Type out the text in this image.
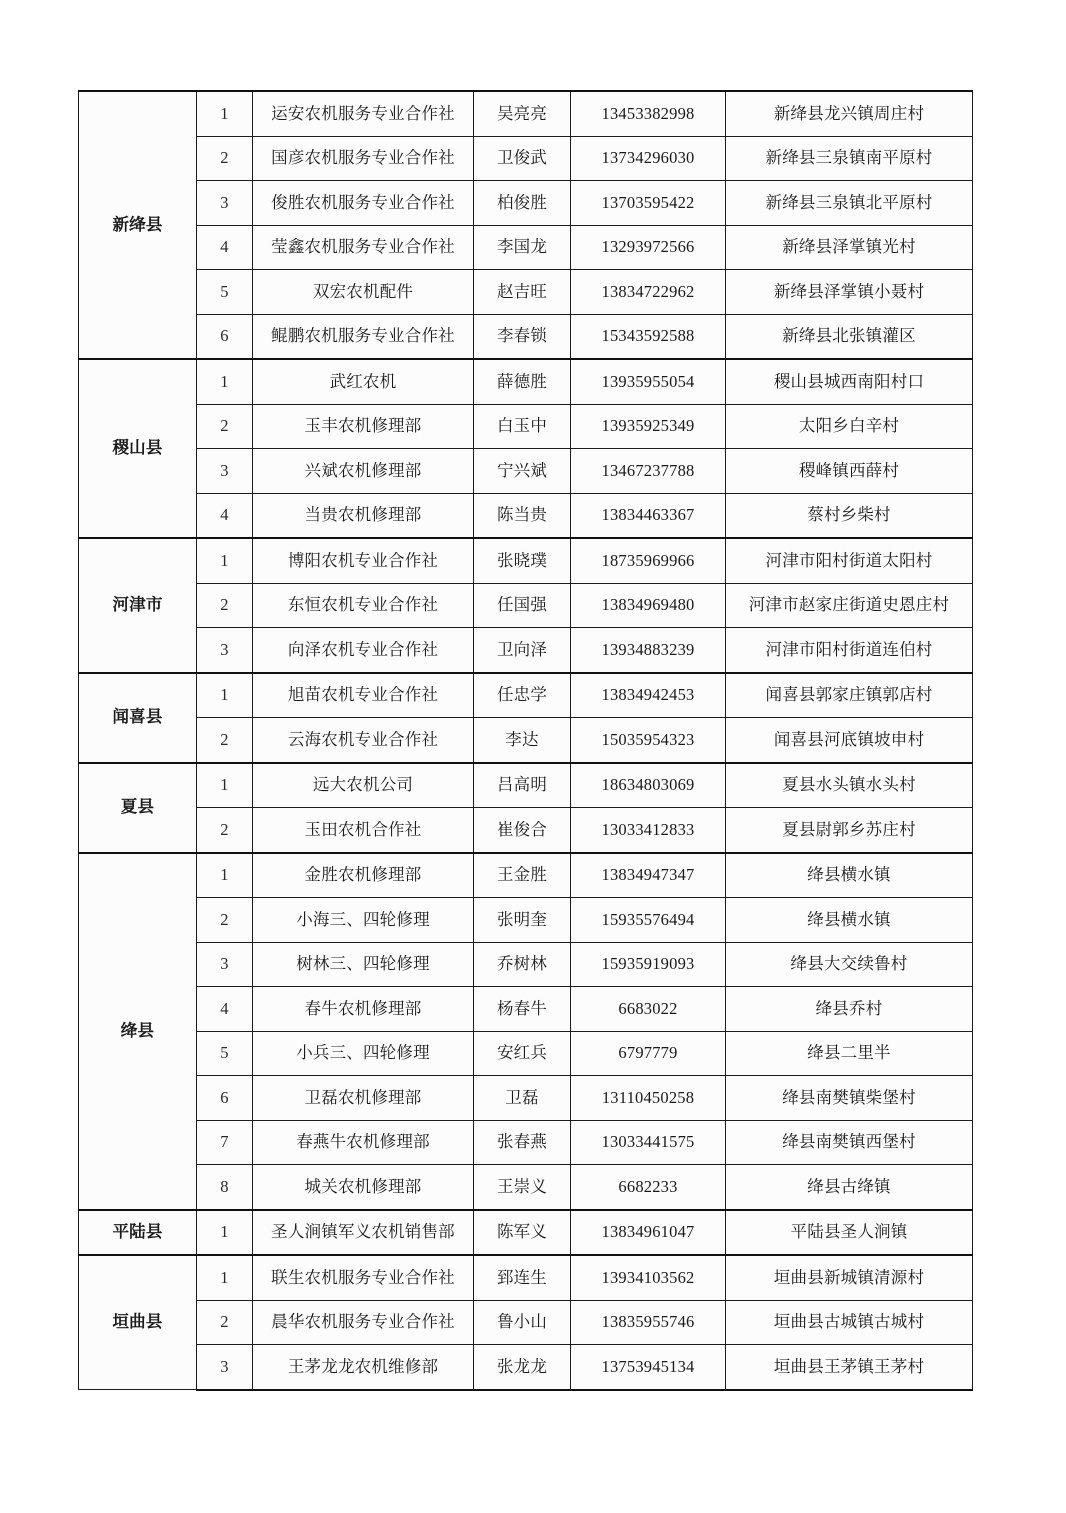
新绛县	1	运安农机服务专业合作社	吴亮亮	13453382998	新绛县龙兴镇周庄村
	2	国彦农机服务专业合作社	卫俊武	13734296030	新绛县三泉镇南平原村
	3	俊胜农机服务专业合作社	柏俊胜	13703595422	新绛县三泉镇北平原村
	4	莹鑫农机服务专业合作社	李国龙	13293972566	新绛县泽掌镇光村
	5	双宏农机配件	赵吉旺	13834722962	新绛县泽掌镇小聂村
	6	鲲鹏农机服务专业合作社	李春锁	15343592588	新绛县北张镇灌区
稷山县	1	武红农机	薛德胜	13935955054	稷山县城西南阳村口
	2	玉丰农机修理部	白玉中	13935925349	太阳乡白辛村
	3	兴斌农机修理部	宁兴斌	13467237788	稷峰镇西薛村
	4	当贵农机修理部	陈当贵	13834463367	蔡村乡柴村
河津市	1	博阳农机专业合作社	张晓璞	18735969966	河津市阳村街道太阳村
	2	东恒农机专业合作社	任国强	13834969480	河津市赵家庄街道史恩庄村
	3	向泽农机专业合作社	卫向泽	13934883239	河津市阳村街道连伯村
闻喜县	1	旭苗农机专业合作社	任忠学	13834942453	闻喜县郭家庄镇郭店村
	2	云海农机专业合作社	李达	15035954323	闻喜县河底镇坡申村
夏县	1	远大农机公司	吕高明	18634803069	夏县水头镇水头村
	2	玉田农机合作社	崔俊合	13033412833	夏县尉郭乡苏庄村
绛县	1	金胜农机修理部	王金胜	13834947347	绛县横水镇
	2	小海三、四轮修理	张明奎	15935576494	绛县横水镇
	3	树林三、四轮修理	乔树林	15935919093	绛县大交续鲁村
	4	春牛农机修理部	杨春牛	6683022	绛县乔村
	5	小兵三、四轮修理	安红兵	6797779	绛县二里半
	6	卫磊农机修理部	卫磊	13110450258	绛县南樊镇柴堡村
	7	春燕牛农机修理部	张春燕	13033441575	绛县南樊镇西堡村
	8	城关农机修理部	王崇义	6682233	绛县古绛镇
平陆县	1	圣人涧镇军义农机销售部	陈军义	13834961047	平陆县圣人涧镇
垣曲县	1	联生农机服务专业合作社	郅连生	13934103562	垣曲县新城镇清源村
	2	晨华农机服务专业合作社	鲁小山	13835955746	垣曲县古城镇古城村
	3	王茅龙龙农机维修部	张龙龙	13753945134	垣曲县王茅镇王茅村
